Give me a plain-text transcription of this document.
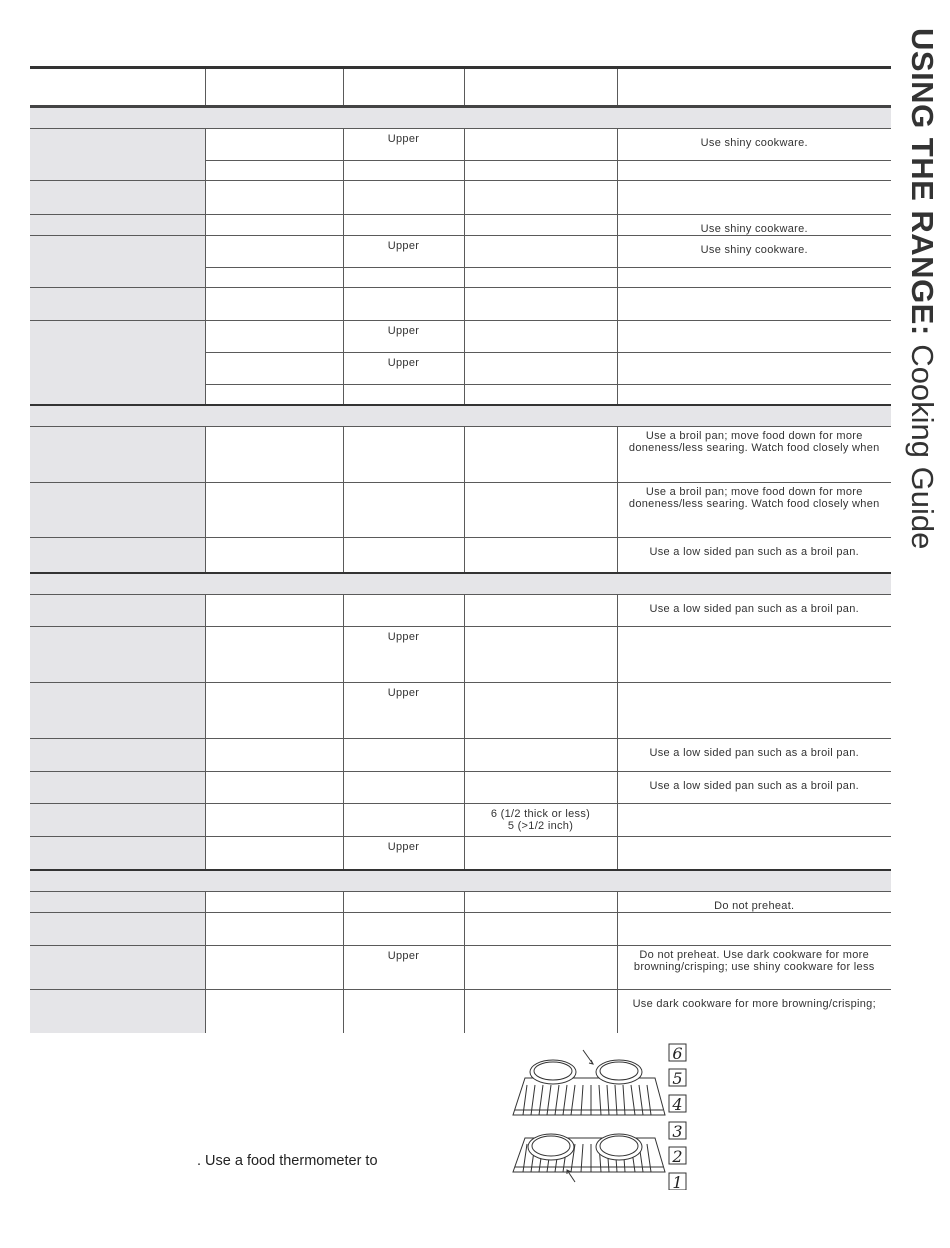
USING THE RANGE: Cooking Guide

		Upper		Use shiny cookware.

				Use shiny cookware.
		Upper		Use shiny cookware.

		Upper		
		Upper		

				Use a broil pan; move food down for more doneness/less searing. Watch food closely when
				Use a broil pan; move food down for more doneness/less searing. Watch food closely when
				Use a low sided pan such as a broil pan.

				Use a low sided pan such as a broil pan.
		Upper		
		Upper		
				Use a low sided pan such as a broil pan.
				Use a low sided pan such as a broil pan.
			6 (1/2 thick or less)
5 (>1/2 inch)	
		Upper		

				Do not preheat.

		Upper		Do not preheat. Use dark cookware for more browning/crisping; use shiny cookware for less
				Use dark cookware for more browning/crisping;
6
5
4
3
2
1
. Use a food thermometer to
